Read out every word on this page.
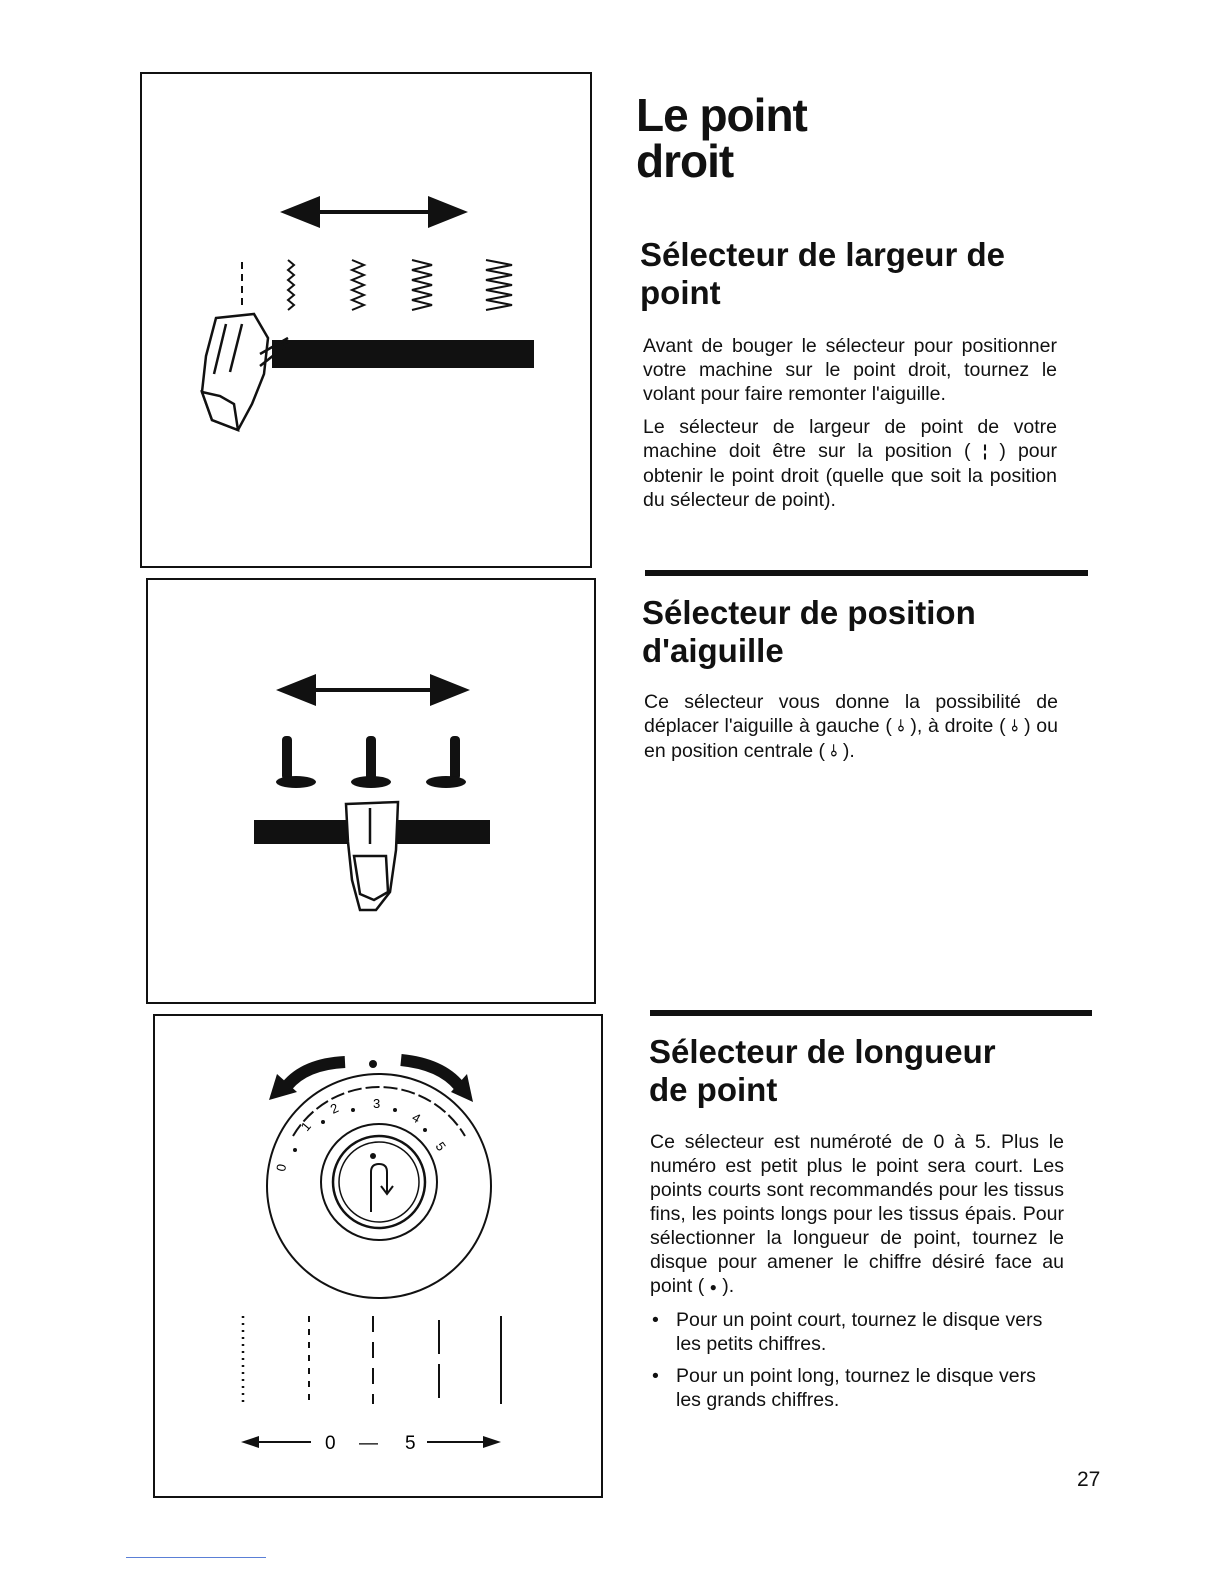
0
1
2 3
4
5
0 — 5
Le point
droit
Sélecteur de largeur de
point

Avant de bouger le sélecteur pour positionner votre machine sur le point droit, tournez le volant pour faire remonter l'aiguille.

Le sélecteur de largeur de point de votre machine doit être sur la position ( ¦ ) pour obtenir le point droit (quelle que soit la position du sélecteur de point).

Sélecteur de position
d'aiguille

Ce sélecteur vous donne la possibilité de déplacer l'aiguille à gauche ( ⫰ ), à droite ( ⫰ ) ou en position centrale ( ⫰ ).

Sélecteur de longueur
de point

Ce sélecteur est numéroté de 0 à 5. Plus le numéro est petit plus le point sera court. Les points courts sont recommandés pour les tissus fins, les points longs pour les tissus épais. Pour sélectionner la longueur de point, tournez le disque pour amener le chiffre désiré face au point ( ● ).

• Pour un point court, tournez le disque vers les petits chiffres.
• Pour un point long, tournez le disque vers les grands chiffres.
27
